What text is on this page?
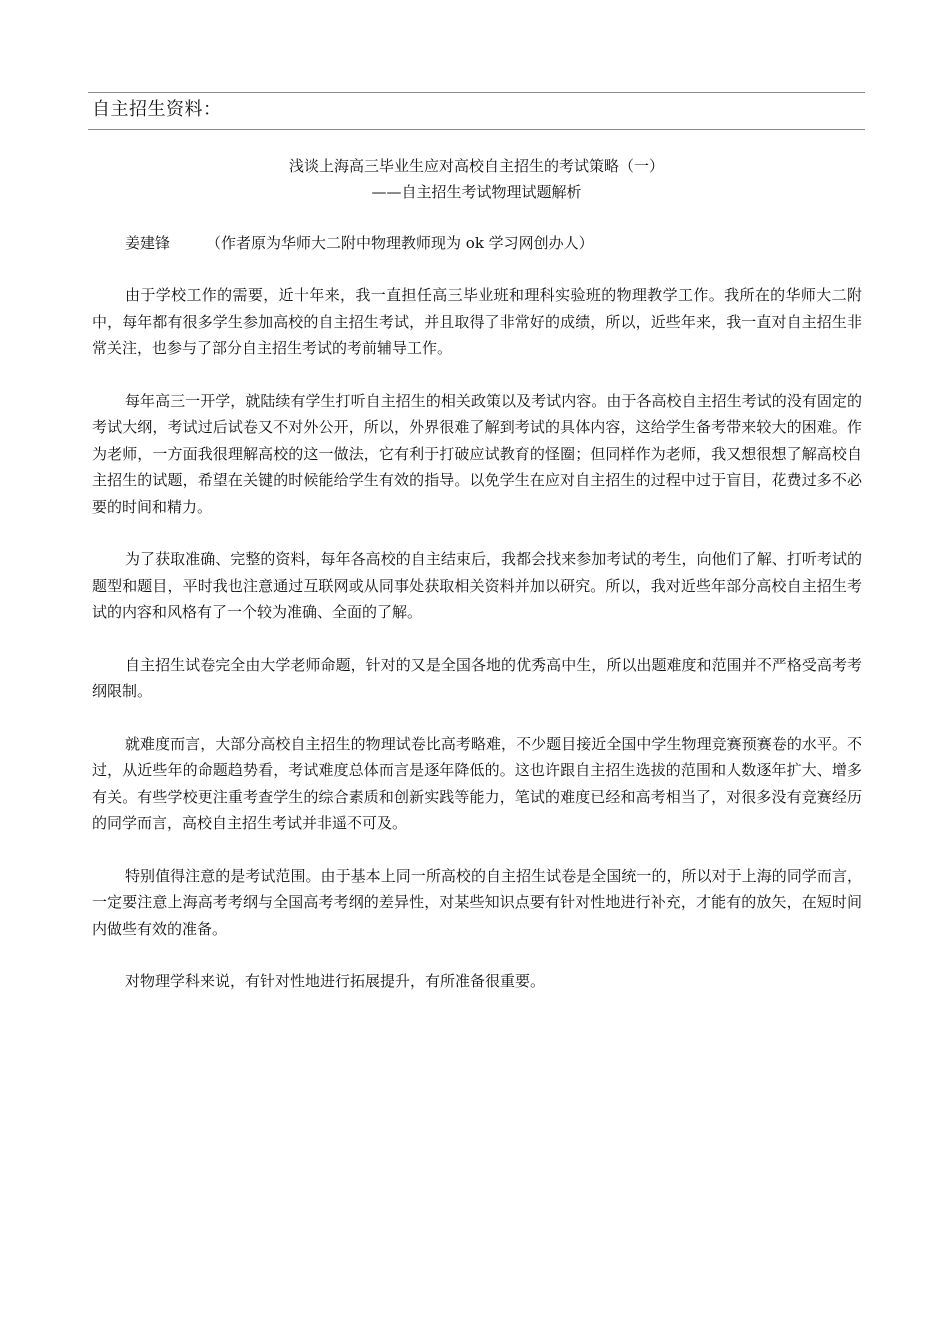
自主招生资料：
浅谈上海高三毕业生应对高校自主招生的考试策略（一）
——自主招生考试物理试题解析
姜建锋 （作者原为华师大二附中物理教师现为 ok 学习网创办人）

由于学校工作的需要，近十年来，我一直担任高三毕业班和理科实验班的物理教学工作。我所在的华师大二附中，每年都有很多学生参加高校的自主招生考试，并且取得了非常好的成绩，所以，近些年来，我一直对自主招生非常关注，也参与了部分自主招生考试的考前辅导工作。

每年高三一开学，就陆续有学生打听自主招生的相关政策以及考试内容。由于各高校自主招生考试的没有固定的考试大纲，考试过后试卷又不对外公开，所以，外界很难了解到考试的具体内容，这给学生备考带来较大的困难。作为老师，一方面我很理解高校的这一做法，它有利于打破应试教育的怪圈；但同样作为老师，我又想很想了解高校自主招生的试题，希望在关键的时候能给学生有效的指导。以免学生在应对自主招生的过程中过于盲目，花费过多不必要的时间和精力。

为了获取准确、完整的资料，每年各高校的自主结束后，我都会找来参加考试的考生，向他们了解、打听考试的题型和题目，平时我也注意通过互联网或从同事处获取相关资料并加以研究。所以，我对近些年部分高校自主招生考试的内容和风格有了一个较为准确、全面的了解。

自主招生试卷完全由大学老师命题，针对的又是全国各地的优秀高中生，所以出题难度和范围并不严格受高考考纲限制。

就难度而言，大部分高校自主招生的物理试卷比高考略难，不少题目接近全国中学生物理竞赛预赛卷的水平。不过，从近些年的命题趋势看，考试难度总体而言是逐年降低的。这也许跟自主招生选拔的范围和人数逐年扩大、增多有关。有些学校更注重考查学生的综合素质和创新实践等能力，笔试的难度已经和高考相当了，对很多没有竞赛经历的同学而言，高校自主招生考试并非遥不可及。

特别值得注意的是考试范围。由于基本上同一所高校的自主招生试卷是全国统一的，所以对于上海的同学而言，一定要注意上海高考考纲与全国高考考纲的差异性，对某些知识点要有针对性地进行补充，才能有的放矢，在短时间内做些有效的准备。

对物理学科来说，有针对性地进行拓展提升，有所准备很重要。
